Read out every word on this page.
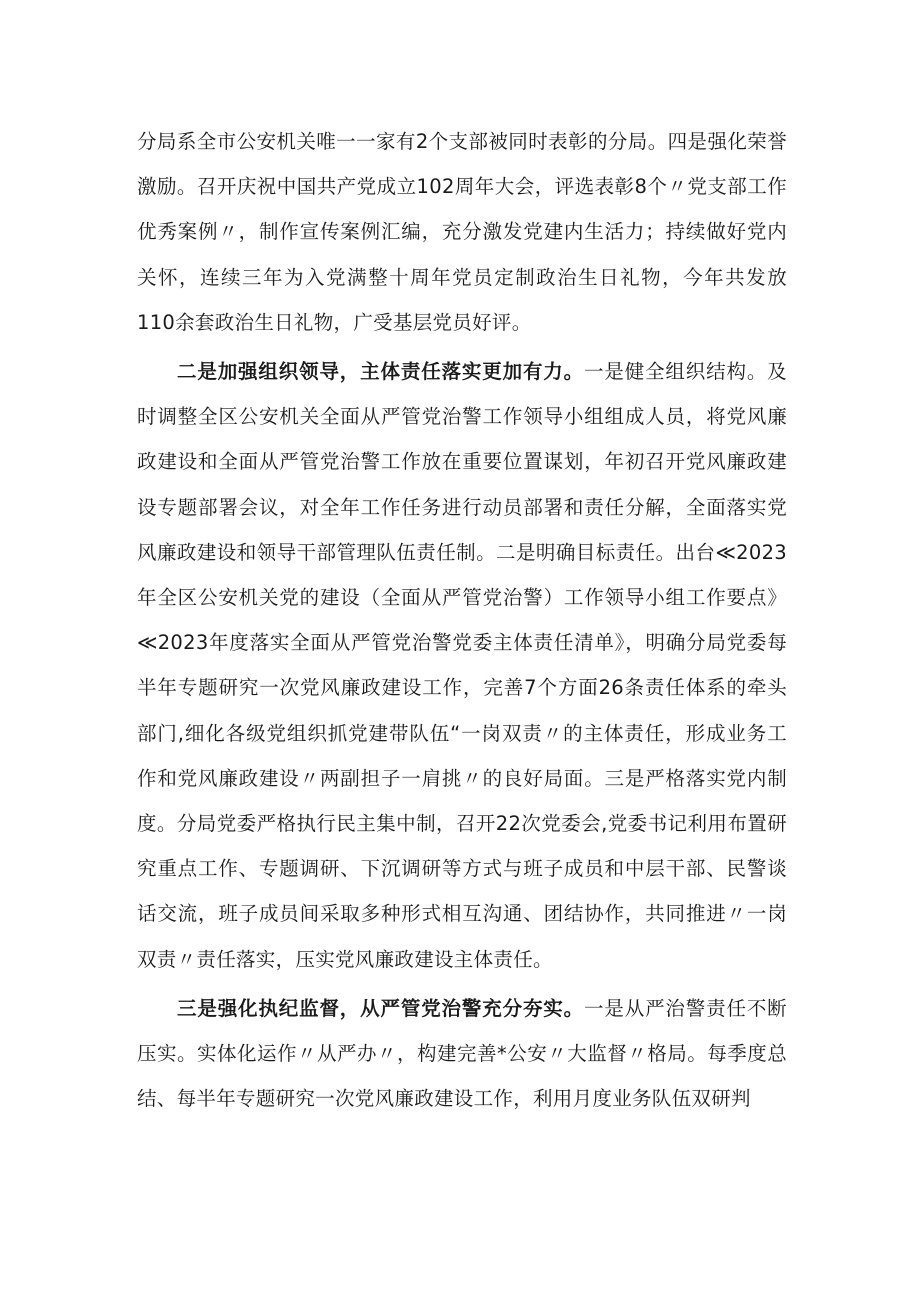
分局系全市公安机关唯一一家有2个支部被同时表彰的分局。四是强化荣誉激励。召开庆祝中国共产党成立102周年大会，评选表彰8个〃党支部工作优秀案例〃，制作宣传案例汇编，充分激发党建内生活力；持续做好党内关怀，连续三年为入党满整十周年党员定制政治生日礼物，今年共发放110余套政治生日礼物，广受基层党员好评。

二是加强组织领导，主体责任落实更加有力。一是健全组织结构。及时调整全区公安机关全面从严管党治警工作领导小组组成人员，将党风廉政建设和全面从严管党治警工作放在重要位置谋划，年初召开党风廉政建设专题部署会议，对全年工作任务进行动员部署和责任分解，全面落实党风廉政建设和领导干部管理队伍责任制。二是明确目标责任。出台≪2023年全区公安机关党的建设（全面从严管党治警）工作领导小组工作要点》≪2023年度落实全面从严管党治警党委主体责任清单》，明确分局党委每半年专题研究一次党风廉政建设工作，完善7个方面26条责任体系的牵头部门,细化各级党组织抓党建带队伍“一岗双责〃的主体责任，形成业务工作和党风廉政建设〃两副担子一肩挑〃的良好局面。三是严格落实党内制度。分局党委严格执行民主集中制，召开22次党委会,党委书记利用布置研究重点工作、专题调研、下沉调研等方式与班子成员和中层干部、民警谈话交流，班子成员间采取多种形式相互沟通、团结协作，共同推进〃一岗双责〃责任落实，压实党风廉政建设主体责任。

三是强化执纪监督，从严管党治警充分夯实。一是从严治警责任不断压实。实体化运作〃从严办〃，构建完善*公安〃大监督〃格局。每季度总结、每半年专题研究一次党风廉政建设工作，利用月度业务队伍双研判
